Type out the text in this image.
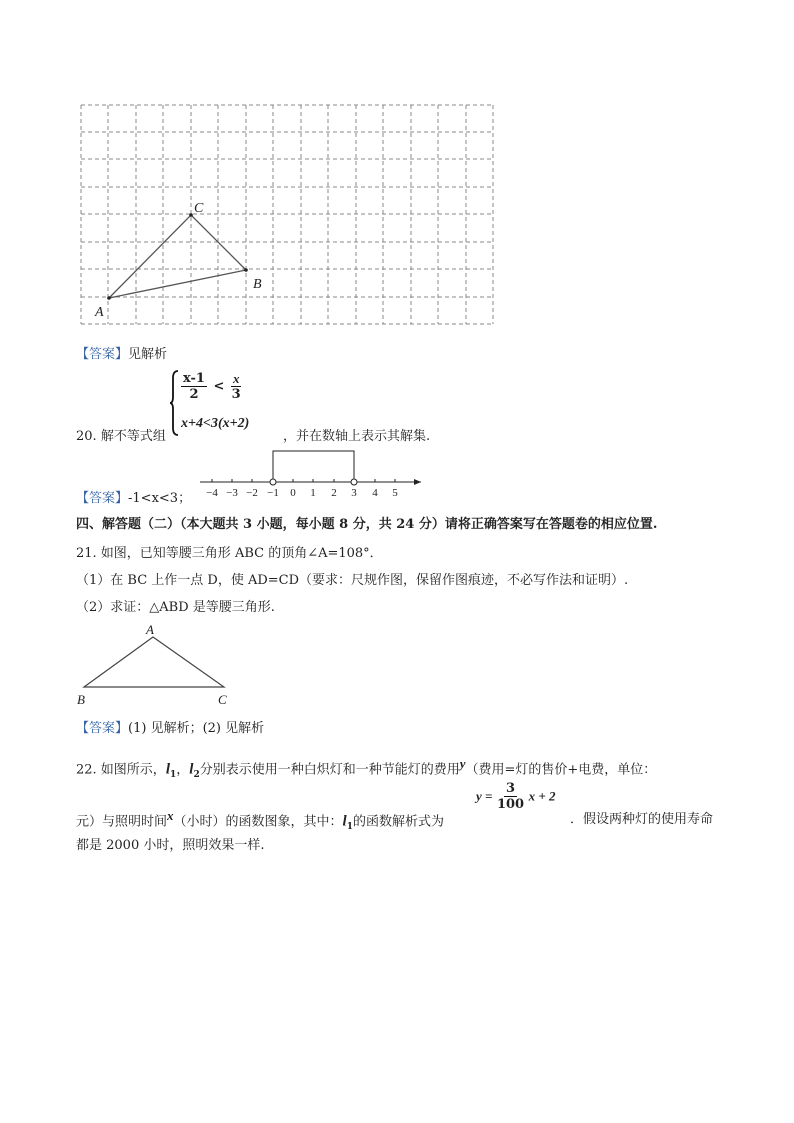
A
C
B
【答案】见解析
20. 解不等式组
$\frac{x-1}{2} < \frac{x}{3}$
x+4<3(x+2)
，并在数轴上表示其解集.
【答案】-1<x<3； −4 −3 −2 −1 0 1 2 3 4 5
四、解答题（二）（本大题共 3 小题，每小题 8 分，共 24 分）请将正确答案写在答题卷的相应位置.
21. 如图，已知等腰三角形 ABC 的顶角∠A=108°．
（1）在 BC 上作一点 D，使 AD=CD（要求：尺规作图，保留作图痕迹，不必写作法和证明）.
（2）求证：△ABD 是等腰三角形.
A
B	C
【答案】(1) 见解析；(2) 见解析
22. 如图所示，$l_1$，$l_2$分别表示使用一种白炽灯和一种节能灯的费用$^y$（费用=灯的售价+电费，单位：
元）与照明时间$^x$（小时）的函数图象，其中：$l_1$的函数解析式为
$y = \frac{3}{100}$ x + 2
．假设两种灯的使用寿命
都是 2000 小时，照明效果一样.
